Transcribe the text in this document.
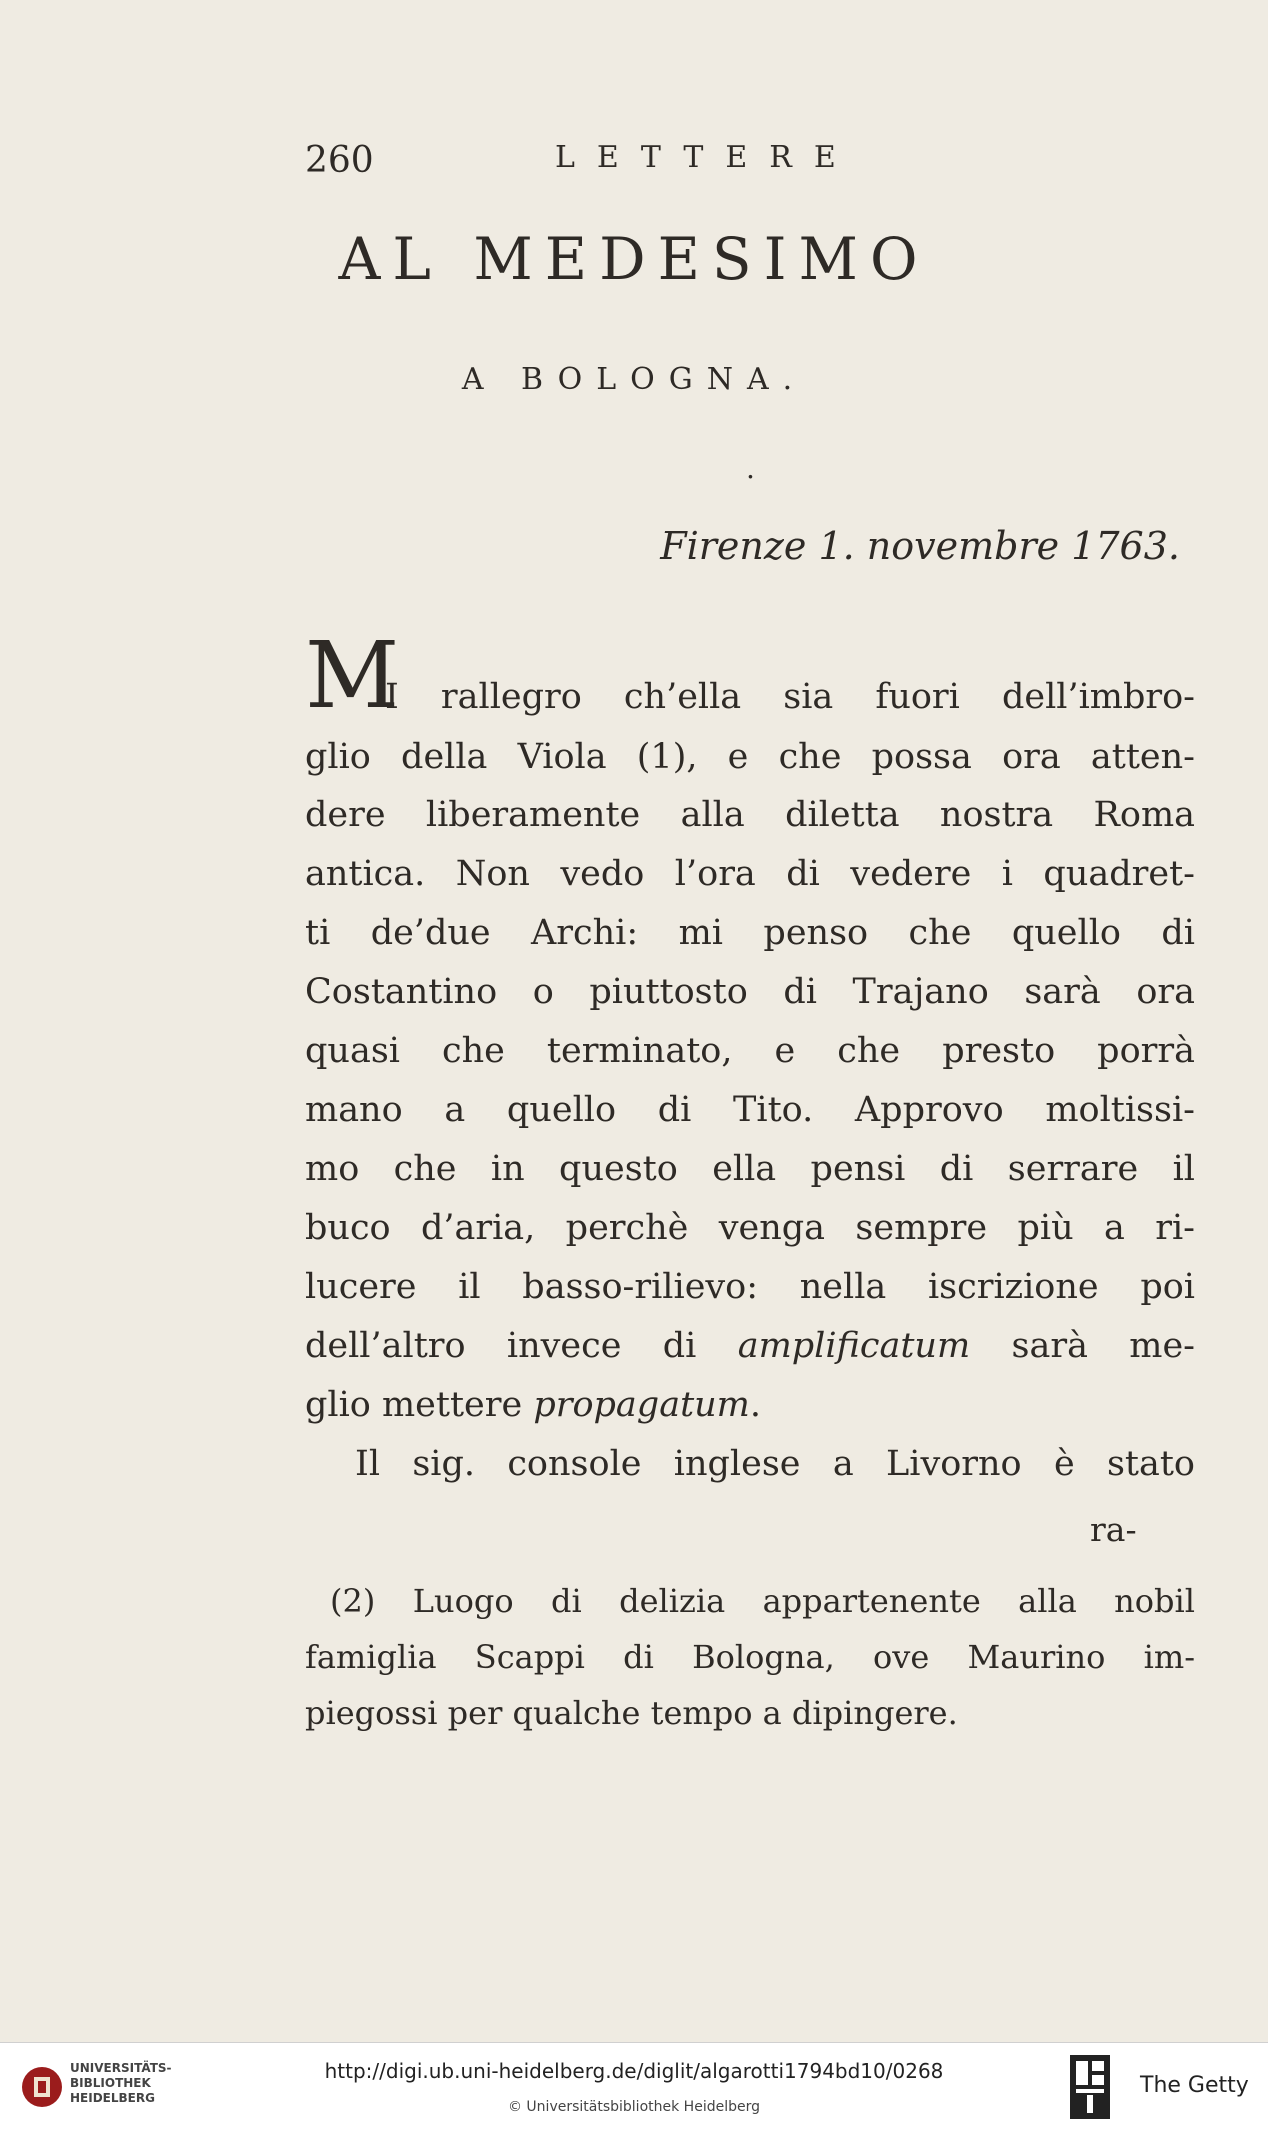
260	LETTERE
AL MEDESIMO
A BOLOGNA.
.
Firenze 1. novembre 1763.
M
I rallegro ch’ella sia fuori dell’imbro-
glio della Viola (1), e che possa ora atten-
dere liberamente alla diletta nostra Roma
antica. Non vedo l’ora di vedere i quadret-
ti de’due Archi: mi penso che quello di
Costantino o piuttosto di Trajano sarà ora
quasi che terminato, e che presto porrà
mano a quello di Tito. Approvo moltissi-
mo che in questo ella pensi di serrare il
buco d’aria, perchè venga sempre più a ri-
lucere il basso-rilievo: nella iscrizione poi
dell’altro invece di amplificatum sarà me-
glio mettere propagatum.
Il sig. console inglese a Livorno è stato
ra-
(2) Luogo di delizia appartenente alla nobil
famiglia Scappi di Bologna, ove Maurino im-
piegossi per qualche tempo a dipingere.
UNIVERSITÄTS-
BIBLIOTHEK
HEIDELBERG
http://digi.ub.uni-heidelberg.de/diglit/algarotti1794bd10/0268
© Universitätsbibliothek Heidelberg
The Getty
